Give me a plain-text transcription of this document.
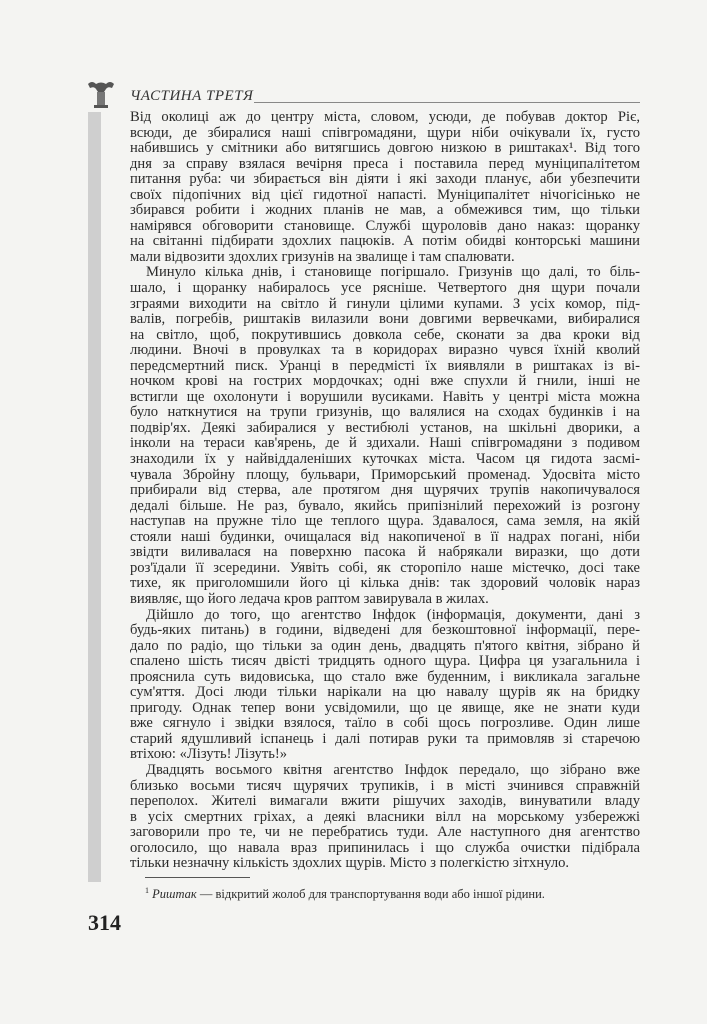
ЧАСТИНА ТРЕТЯ
Від околиці аж до центру міста, словом, усюди, де побував доктор Ріє,
всюди, де збиралися наші співгромадяни, щури ніби очікували їх, густо
набившись у смітники або витягшись довгою низкою в риштаках¹. Від того
дня за справу взялася вечірня преса і поставила перед муніципалітетом
питання руба: чи збирається він діяти і які заходи планує, аби убезпечити
своїх підопічних від цієї гидотної напасті. Муніципалітет нічогісінько не
збирався робити і жодних планів не мав, а обмежився тим, що тільки
намірявся обговорити становище. Службі щуроловів дано наказ: щоранку
на світанні підбирати здохлих пацюків. А потім обидві конторські машини
мали відвозити здохлих гризунів на звалище і там спалювати.
Минуло кілька днів, і становище погіршало. Гризунів що далі, то біль-
шало, і щоранку набиралось усе рясніше. Четвертого дня щури почали
зграями виходити на світло й гинули цілими купами. З усіх комор, під-
валів, погребів, риштаків вилазили вони довгими вервечками, вибиралися
на світло, щоб, покрутившись довкола себе, сконати за два кроки від
людини. Вночі в провулках та в коридорах виразно чувся їхній кволий
передсмертний писк. Уранці в передмісті їх виявляли в риштаках із ві-
ночком крові на гострих мордочках; одні вже спухли й гнили, інші не
встигли ще охолонути і ворушили вусиками. Навіть у центрі міста можна
було наткнутися на трупи гризунів, що валялися на сходах будинків і на
подвір'ях. Деякі забиралися у вестибюлі установ, на шкільні дворики, а
інколи на тераси кав'ярень, де й здихали. Наші співгромадяни з подивом
знаходили їх у найвіддаленіших куточках міста. Часом ця гидота засмі-
чувала Збройну площу, бульвари, Приморський променад. Удосвіта місто
прибирали від стерва, але протягом дня щурячих трупів накопичувалося
дедалі більше. Не раз, бувало, якийсь припізнілий перехожий із розгону
наступав на пружне тіло ще теплого щура. Здавалося, сама земля, на якій
стояли наші будинки, очищалася від накопиченої в її надрах погані, ніби
звідти виливалася на поверхню пасока й набрякали виразки, що доти
роз'їдали її зсередини. Уявіть собі, як сторопіло наше містечко, досі таке
тихе, як приголомшили його ці кілька днів: так здоровий чоловік нараз
виявляє, що його ледача кров раптом завирувала в жилах.
Дійшло до того, що агентство Інфдок (інформація, документи, дані з
будь-яких питань) в години, відведені для безкоштовної інформації, пере-
дало по радіо, що тільки за один день, двадцять п'ятого квітня, зібрано й
спалено шість тисяч двісті тридцять одного щура. Цифра ця узагальнила і
прояснила суть видовиська, що стало вже буденним, і викликала загальне
сум'яття. Досі люди тільки нарікали на цю навалу щурів як на бридку
пригоду. Однак тепер вони усвідомили, що це явище, яке не знати куди
вже сягнуло і звідки взялося, таїло в собі щось погрозливе. Один лише
старий ядушливий іспанець і далі потирав руки та примовляв зі старечою
втіхою: «Лізуть! Лізуть!»
Двадцять восьмого квітня агентство Інфдок передало, що зібрано вже
близько восьми тисяч щурячих трупиків, і в місті зчинився справжній
переполох. Жителі вимагали вжити рішучих заходів, винуватили владу
в усіх смертних гріхах, а деякі власники вілл на морському узбережжі
заговорили про те, чи не перебратись туди. Але наступного дня агентство
оголосило, що навала враз припинилась і що служба очистки підібрала
тільки незначну кількість здохлих щурів. Місто з полегкістю зітхнуло.
$^1$ Риштак — відкритий жолоб для транспортування води або іншої рідини.
314
